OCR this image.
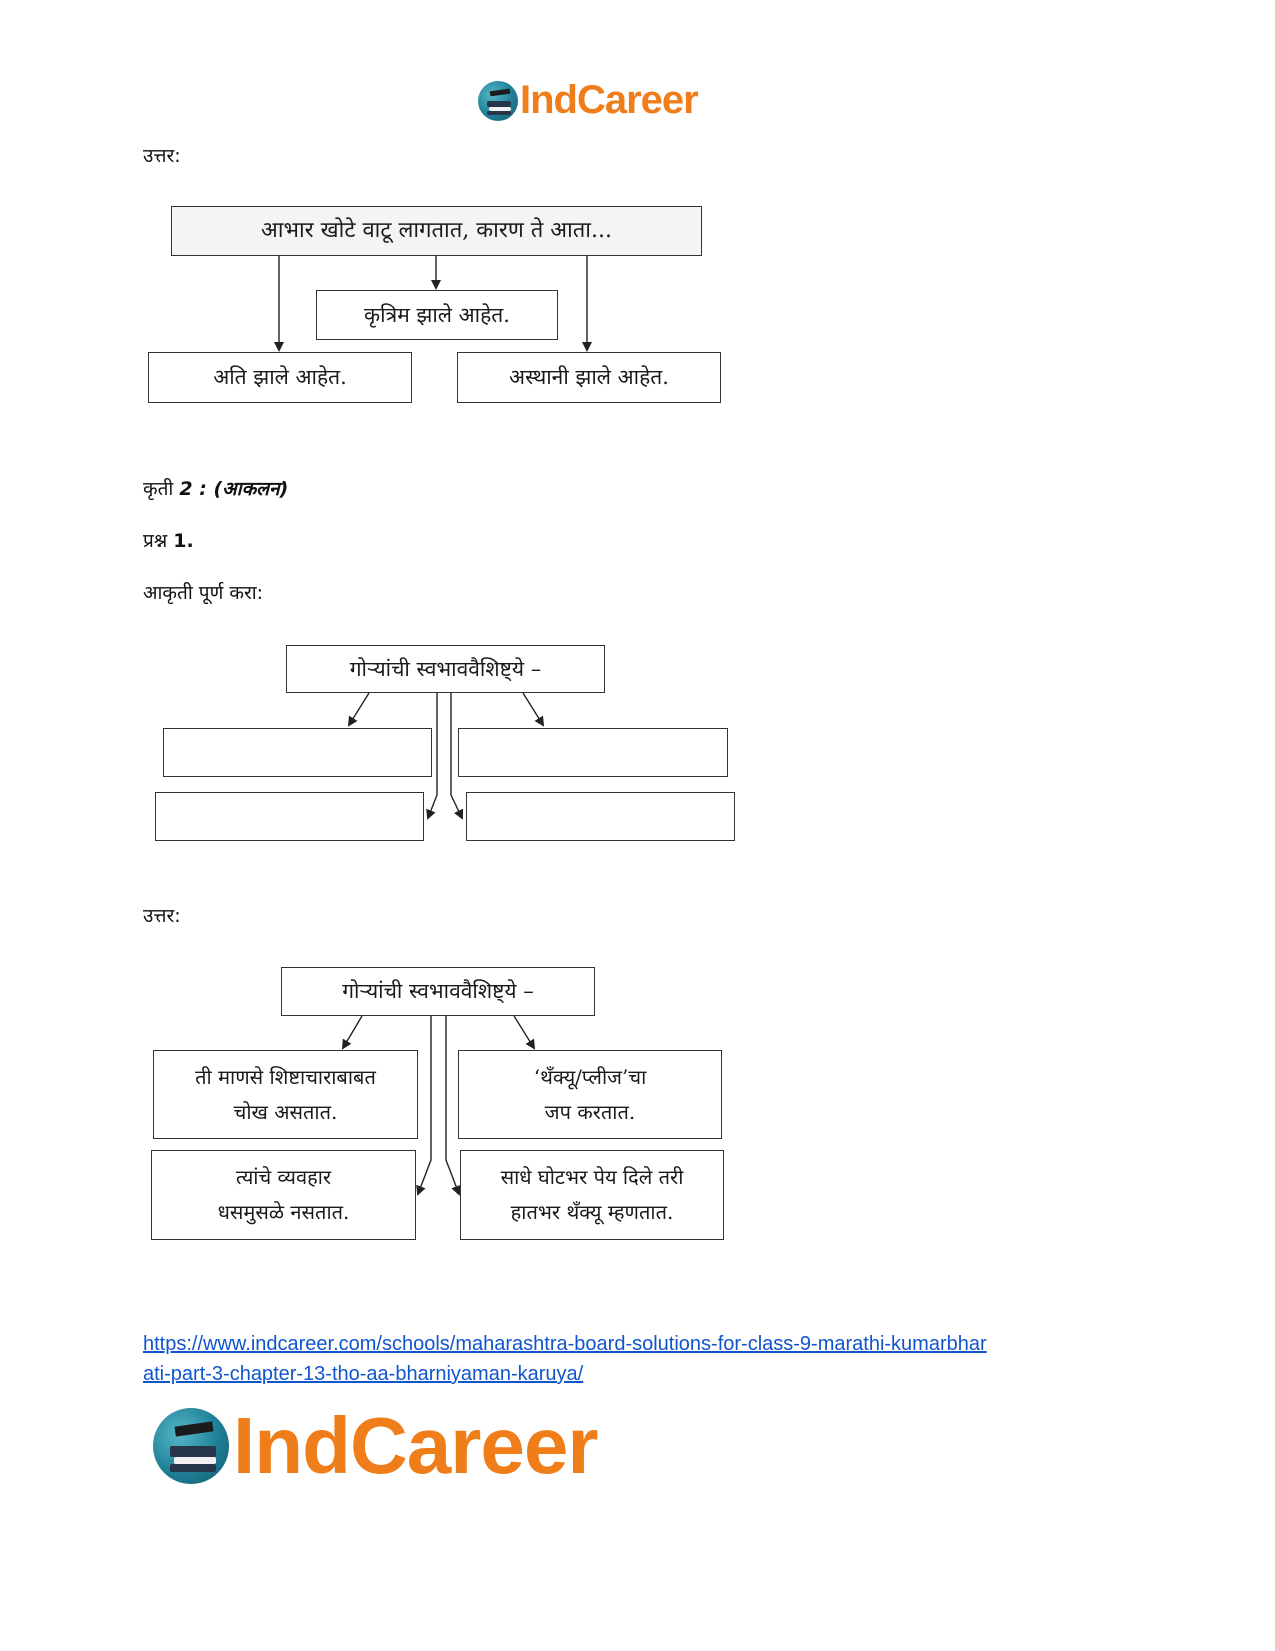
IndCareer
उत्तर:
आभार खोटे वाटू लागतात, कारण ते आता...
कृत्रिम झाले आहेत.
अति झाले आहेत.	अस्थानी झाले आहेत.
कृती 2 : (आकलन)
प्रश्न 1.
आकृती पूर्ण करा:
गोऱ्यांची स्वभाववैशिष्ट्ये –
उत्तर:
गोऱ्यांची स्वभाववैशिष्ट्ये –
ती माणसे शिष्टाचाराबाबत
चोख असतात.
‘थँक्यू/प्लीज’चा
जप करतात.
त्यांचे व्यवहार
धसमुसळे नसतात.
साधे घोटभर पेय दिले तरी
हातभर थँक्यू म्हणतात.
https://www.indcareer.com/schools/maharashtra-board-solutions-for-class-9-marathi-kumarbhar
ati-part-3-chapter-13-tho-aa-bharniyaman-karuya/
IndCareer
